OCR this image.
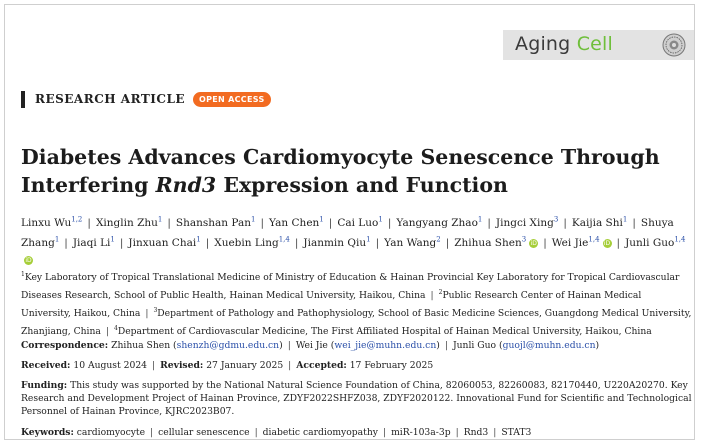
Aging Cell
RESEARCH ARTICLE	OPEN ACCESS
Diabetes Advances Cardiomyocyte Senescence Through
Interfering Rnd3 Expression and Function
Linxu Wu$^{1,2}$ | Xinglin Zhu$^1$ | Shanshan Pan$^1$ | Yan Chen$^1$ | Cai Luo$^1$ | Yangyang Zhao$^1$ | Jingci Xing$^3$ | Kaijia Shi$^1$ | Shuya Zhang$^1$ | Jiaqi Li$^1$ | Jinxuan Chai$^1$ | Xuebin Ling$^{1,4}$ | Jianmin Qiu$^1$ | Yan Wang$^2$ | Zhihua Shen$^3$ iD | Wei Jie$^{1,4}$ iD | Junli Guo$^{1,4}$iD
$^1$Key Laboratory of Tropical Translational Medicine of Ministry of Education & Hainan Provincial Key Laboratory for Tropical Cardiovascular Diseases Research, School of Public Health, Hainan Medical University, Haikou, China | $^2$Public Research Center of Hainan Medical University, Haikou, China | $^3$Department of Pathology and Pathophysiology, School of Basic Medicine Sciences, Guangdong Medical University, Zhanjiang, China | $^4$Department of Cardiovascular Medicine, The First Affiliated Hospital of Hainan Medical University, Haikou, China
Correspondence: Zhihua Shen (shenzh@gdmu.edu.cn) | Wei Jie (wei_jie@muhn.edu.cn) | Junli Guo (guojl@muhn.edu.cn)
Received: 10 August 2024 | Revised: 27 January 2025 | Accepted: 17 February 2025
Funding: This study was supported by the National Natural Science Foundation of China, 82060053, 82260083, 82170440, U220A20270. Key Research and Development Project of Hainan Province, ZDYF2022SHFZ038, ZDYF2020122. Innovational Fund for Scientific and Technological Personnel of Hainan Province, KJRC2023B07.
Keywords: cardiomyocyte | cellular senescence | diabetic cardiomyopathy | miR-103a-3p | Rnd3 | STAT3
